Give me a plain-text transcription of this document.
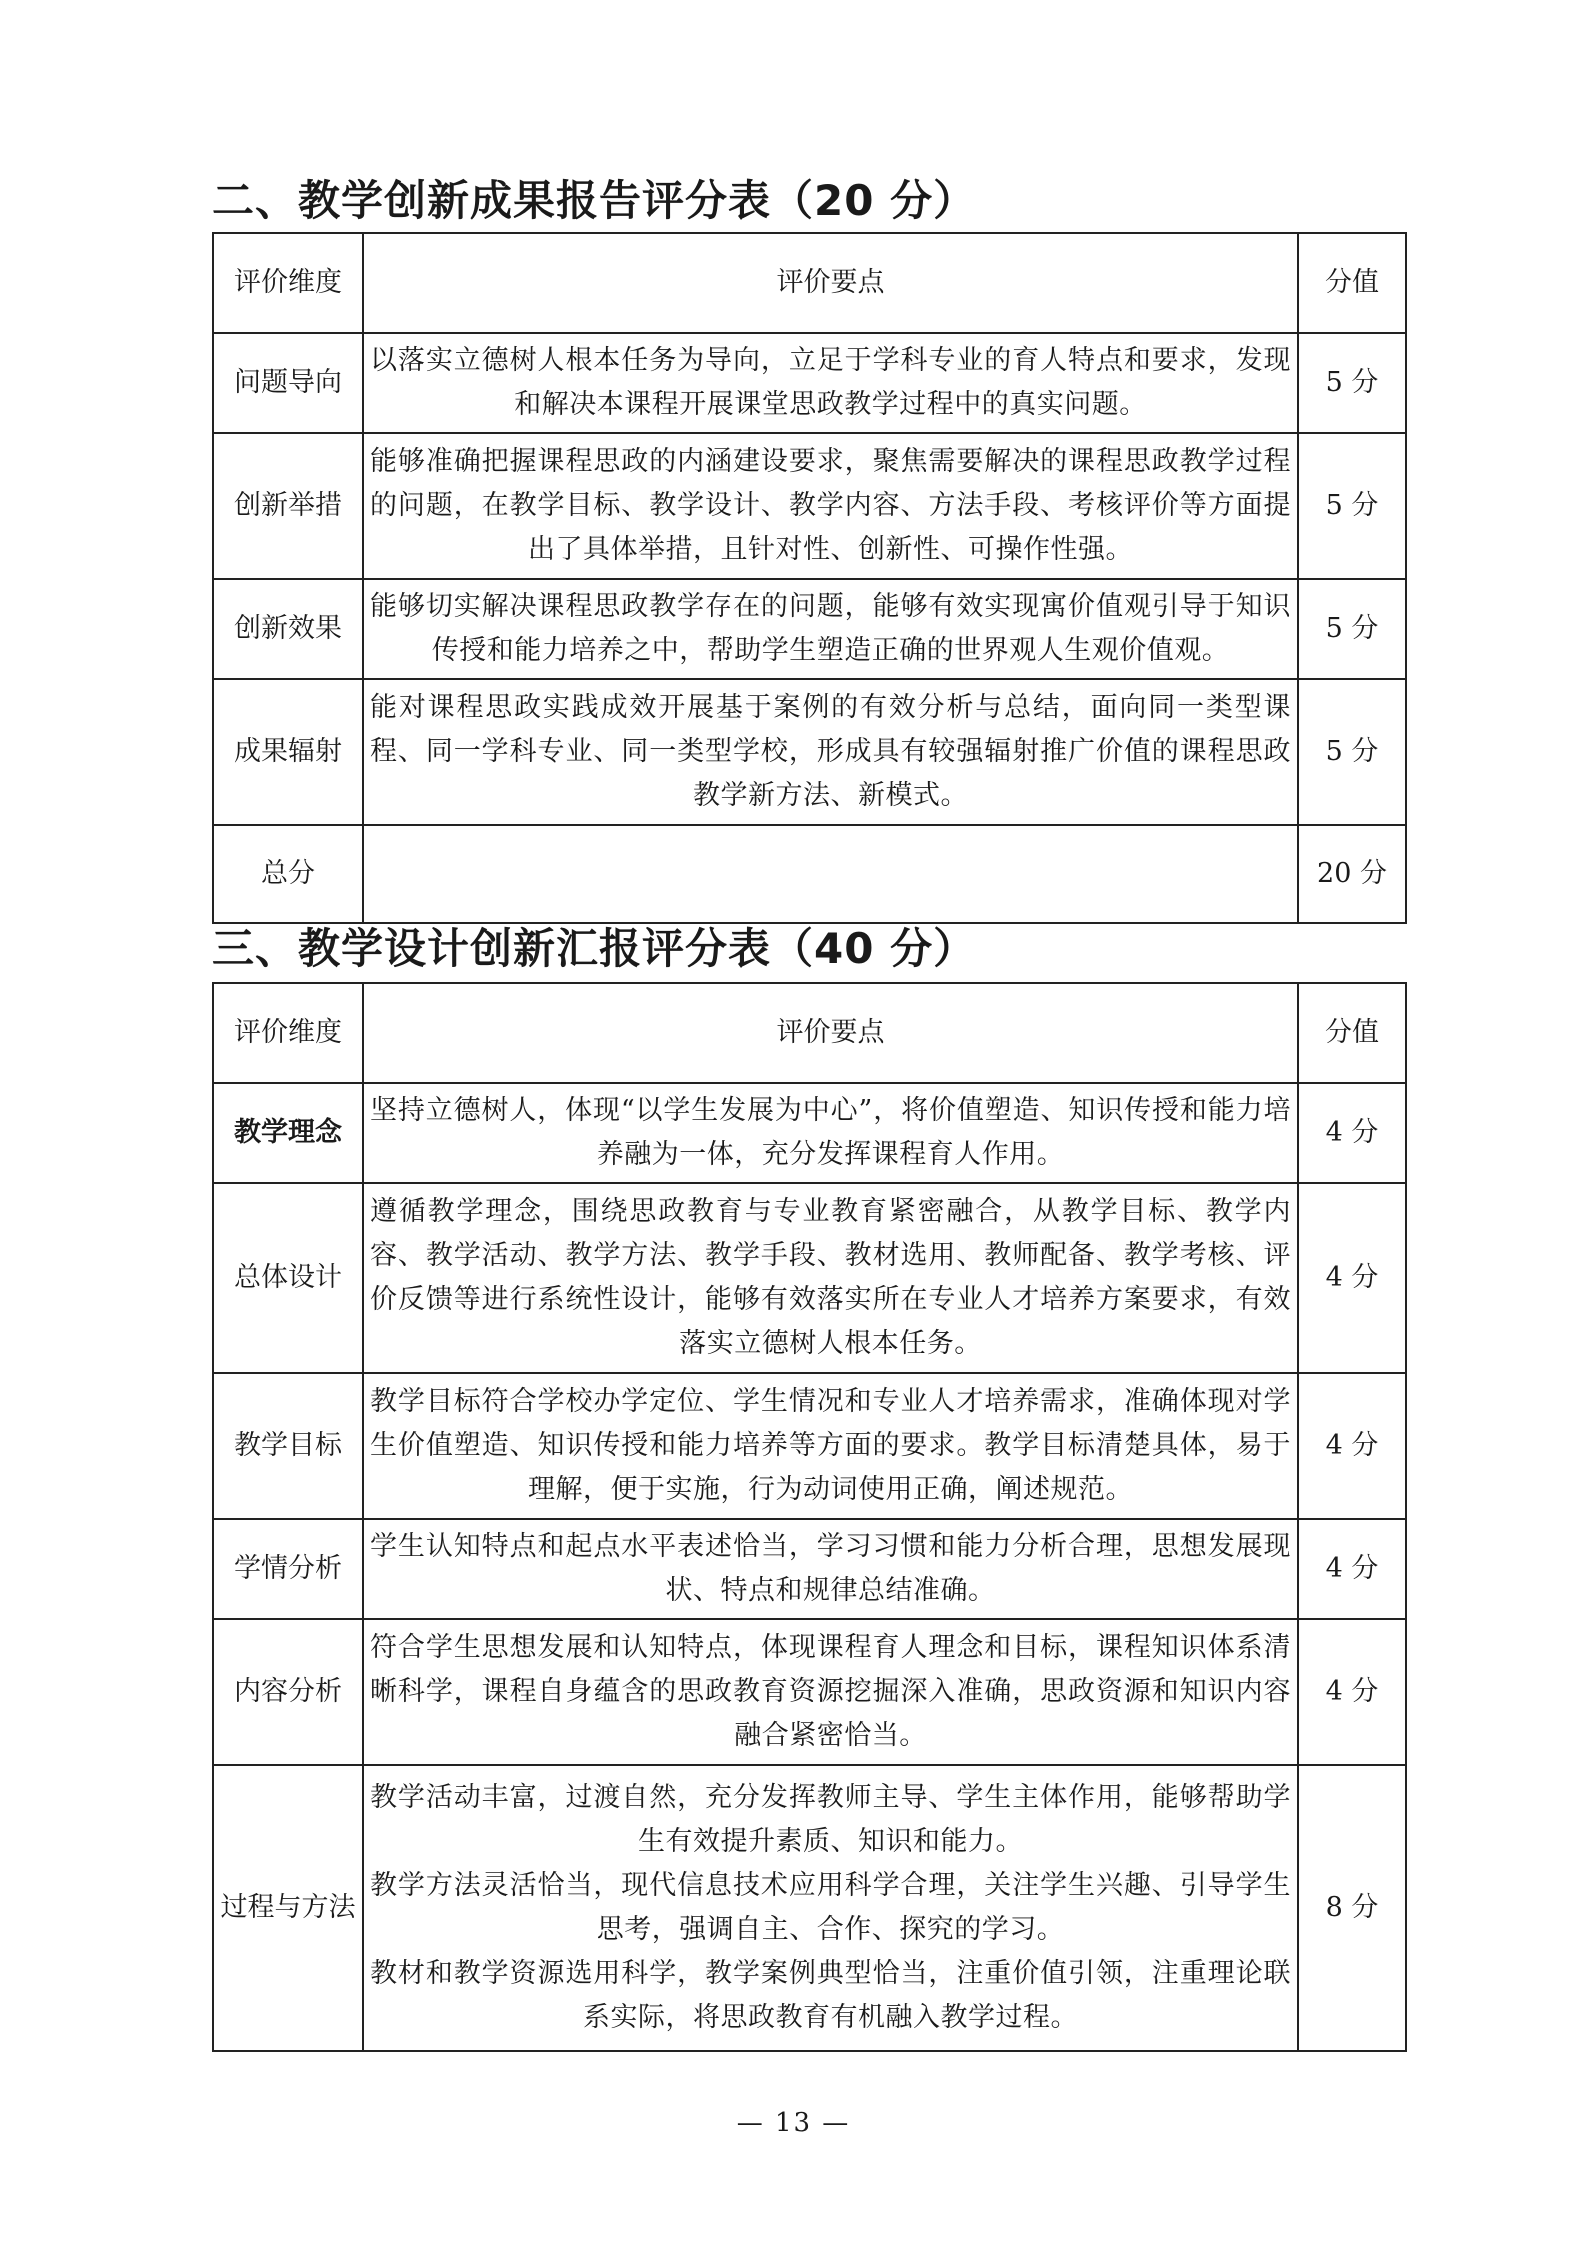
二、教学创新成果报告评分表（20 分）
评价维度	评价要点	分值
问题导向	以落实立德树人根本任务为导向，立足于学科专业的育人特点和要求，发现和解决本课程开展课堂思政教学过程中的真实问题。	5 分
创新举措	能够准确把握课程思政的内涵建设要求，聚焦需要解决的课程思政教学过程的问题，在教学目标、教学设计、教学内容、方法手段、考核评价等方面提出了具体举措，且针对性、创新性、可操作性强。	5 分
创新效果	能够切实解决课程思政教学存在的问题，能够有效实现寓价值观引导于知识传授和能力培养之中，帮助学生塑造正确的世界观人生观价值观。	5 分
成果辐射	能对课程思政实践成效开展基于案例的有效分析与总结，面向同一类型课程、同一学科专业、同一类型学校，形成具有较强辐射推广价值的课程思政教学新方法、新模式。	5 分
总分		20 分
三、教学设计创新汇报评分表（40 分）
评价维度	评价要点	分值
教学理念	坚持立德树人，体现“以学生发展为中心”，将价值塑造、知识传授和能力培养融为一体，充分发挥课程育人作用。	4 分
总体设计	遵循教学理念，围绕思政教育与专业教育紧密融合，从教学目标、教学内容、教学活动、教学方法、教学手段、教材选用、教师配备、教学考核、评价反馈等进行系统性设计，能够有效落实所在专业人才培养方案要求，有效落实立德树人根本任务。	4 分
教学目标	教学目标符合学校办学定位、学生情况和专业人才培养需求，准确体现对学生价值塑造、知识传授和能力培养等方面的要求。教学目标清楚具体，易于理解，便于实施，行为动词使用正确，阐述规范。	4 分
学情分析	学生认知特点和起点水平表述恰当，学习习惯和能力分析合理，思想发展现状、特点和规律总结准确。	4 分
内容分析	符合学生思想发展和认知特点，体现课程育人理念和目标，课程知识体系清晰科学，课程自身蕴含的思政教育资源挖掘深入准确，思政资源和知识内容融合紧密恰当。	4 分
过程与方法	教学活动丰富，过渡自然，充分发挥教师主导、学生主体作用，能够帮助学生有效提升素质、知识和能力。

教学方法灵活恰当，现代信息技术应用科学合理，关注学生兴趣、引导学生思考，强调自主、合作、探究的学习。

教材和教学资源选用科学，教学案例典型恰当，注重价值引领，注重理论联系实际，将思政教育有机融入教学过程。	8 分
— 13 —
